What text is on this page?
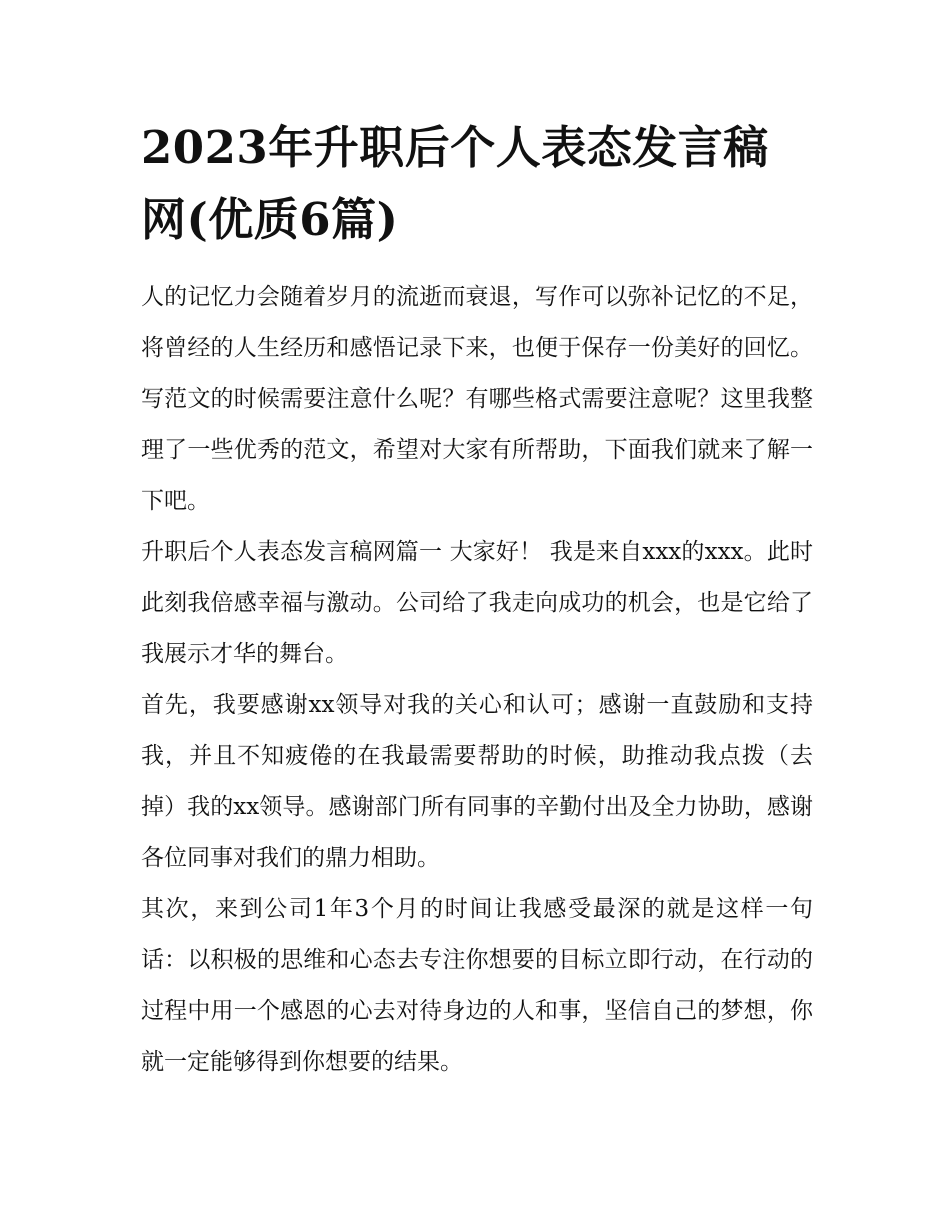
2023年升职后个人表态发言稿网(优质6篇)

人的记忆力会随着岁月的流逝而衰退，写作可以弥补记忆的不足，将曾经的人生经历和感悟记录下来，也便于保存一份美好的回忆。写范文的时候需要注意什么呢？有哪些格式需要注意呢？这里我整理了一些优秀的范文，希望对大家有所帮助，下面我们就来了解一下吧。

升职后个人表态发言稿网篇一 大家好！ 我是来自xxx的xxx。此时此刻我倍感幸福与激动。公司给了我走向成功的机会，也是它给了我展示才华的舞台。

首先，我要感谢xx领导对我的关心和认可；感谢一直鼓励和支持我，并且不知疲倦的在我最需要帮助的时候，助推动我点拨（去掉）我的xx领导。感谢部门所有同事的辛勤付出及全力协助，感谢各位同事对我们的鼎力相助。

其次，来到公司1年3个月的时间让我感受最深的就是这样一句话：以积极的思维和心态去专注你想要的目标立即行动，在行动的过程中用一个感恩的心去对待身边的人和事，坚信自己的梦想，你就一定能够得到你想要的结果。
